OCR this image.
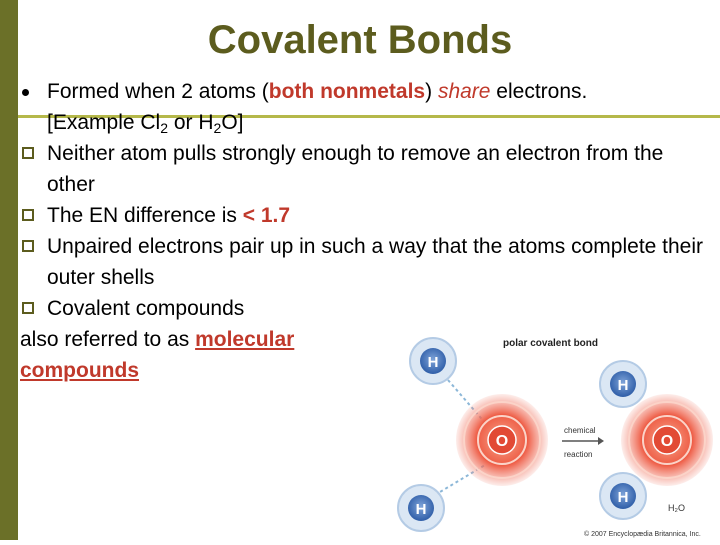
Covalent Bonds
Formed when 2 atoms (both nonmetals) share electrons.
[Example $Cl_2$ or $H_2O$]
Neither atom pulls strongly enough to remove an electron from the other
The EN difference is < 1.7
Unpaired electrons pair up in such a way that the atoms complete their outer shells
Covalent compounds
also referred to as molecular
compounds
polar covalent bond
O	O
H
H
H
H
chemical
reaction
H₂O
© 2007 Encyclopædia Britannica, Inc.
